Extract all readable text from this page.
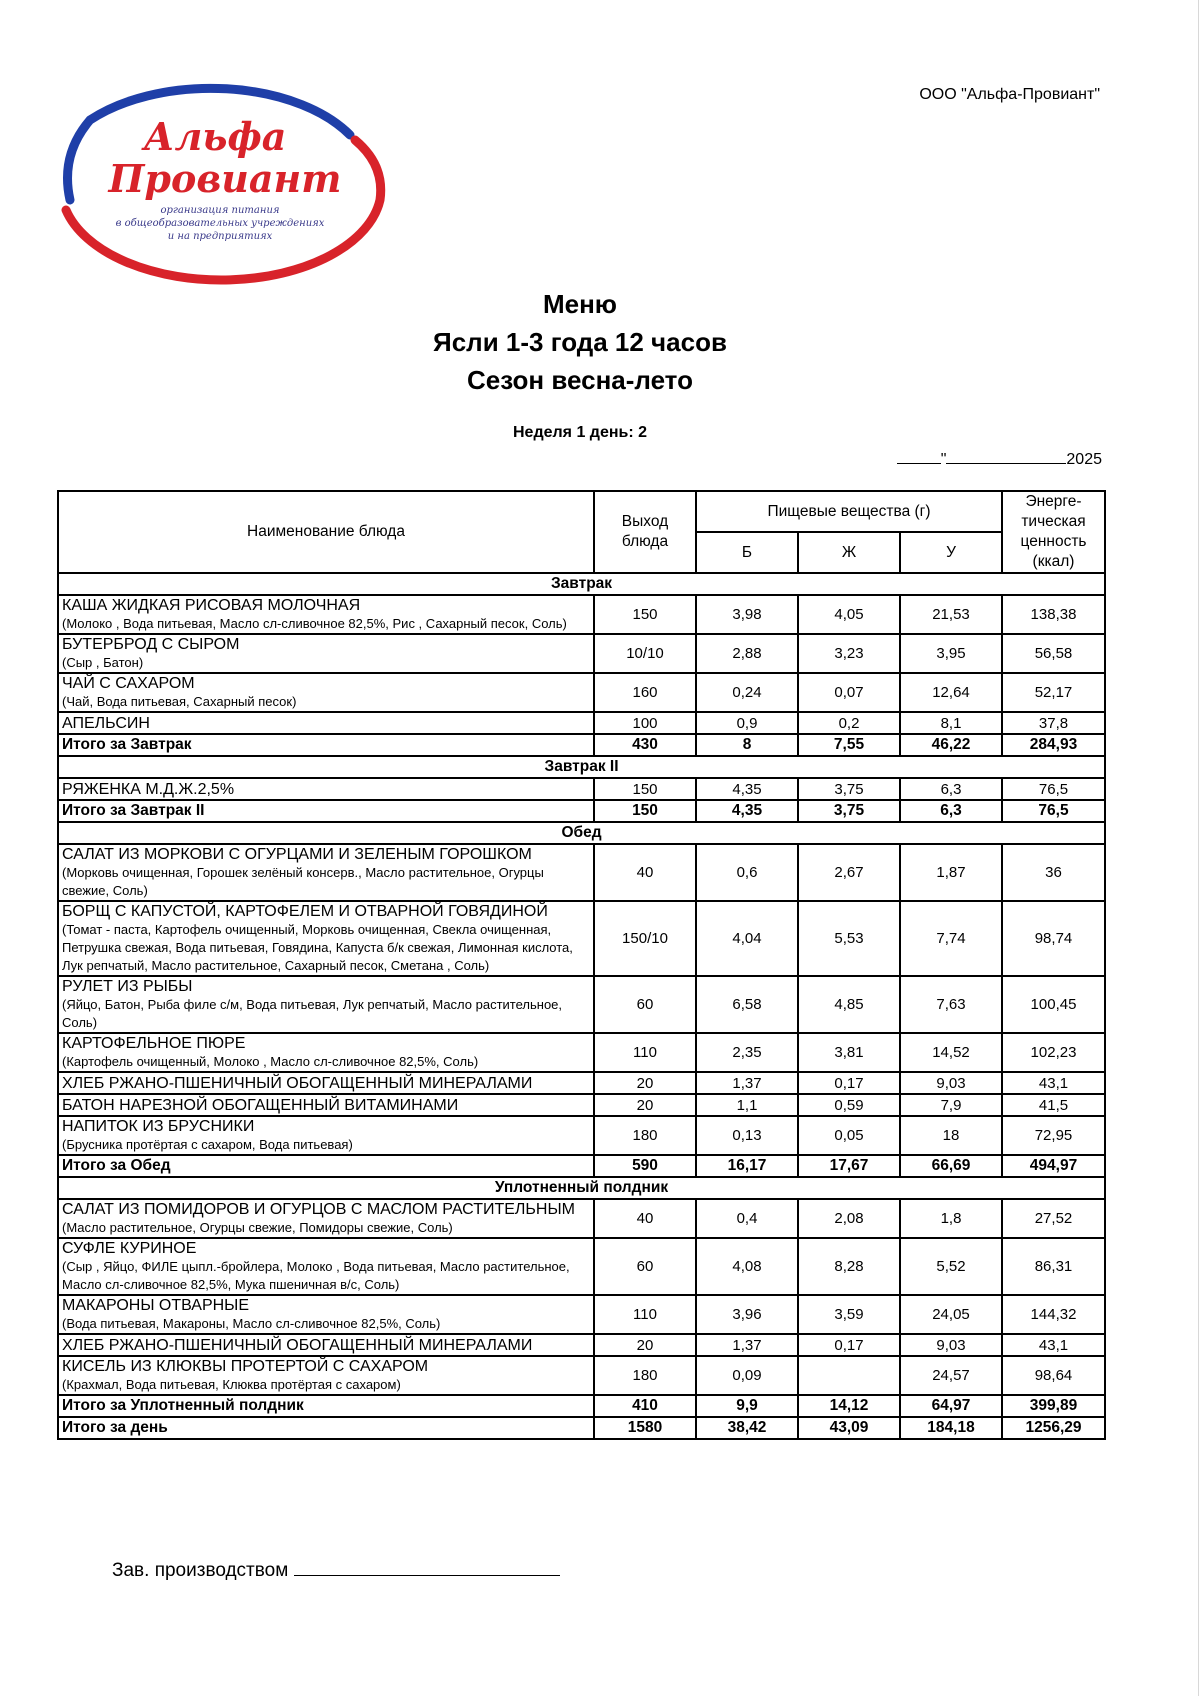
ООО "Альфа-Провиант"
Альфа
Провиант
организация питания
в общеобразовательных учреждениях
и на предприятиях
Меню
Ясли 1-3 года 12 часов
Сезон весна-лето
Неделя 1 день: 2
"	2025
Наименование блюда	Выход блюда	Пищевые вещества (г)			Энерге-тическая ценность (ккал)
		Б	Ж	У	
Завтрак					

КАША ЖИДКАЯ РИСОВАЯ МОЛОЧНАЯ
(Молоко , Вода питьевая, Масло сл-сливочное 82,5%, Рис , Сахарный песок, Соль)	150	3,98	4,05	21,53	138,38

БУТЕРБРОД С СЫРОМ
(Сыр , Батон)	10/10	2,88	3,23	3,95	56,58

ЧАЙ С САХАРОМ
(Чай, Вода питьевая, Сахарный песок)	160	0,24	0,07	12,64	52,17

АПЕЛЬСИН	100	0,9	0,2	8,1	37,8
Итого за Завтрак	430	8	7,55	46,22	284,93
Завтрак II					

РЯЖЕНКА М.Д.Ж.2,5%	150	4,35	3,75	6,3	76,5
Итого за Завтрак II	150	4,35	3,75	6,3	76,5
Обед					

САЛАТ ИЗ МОРКОВИ С ОГУРЦАМИ И ЗЕЛЕНЫМ ГОРОШКОМ
(Морковь очищенная, Горошек зелёный консерв., Масло растительное, Огурцы свежие, Соль)	40	0,6	2,67	1,87	36

БОРЩ С КАПУСТОЙ, КАРТОФЕЛЕМ И ОТВАРНОЙ ГОВЯДИНОЙ
(Томат - паста, Картофель очищенный, Морковь очищенная, Свекла очищенная, Петрушка свежая, Вода питьевая, Говядина, Капуста б/к свежая, Лимонная кислота, Лук репчатый, Масло растительное, Сахарный песок, Сметана , Соль)	150/10	4,04	5,53	7,74	98,74

РУЛЕТ ИЗ РЫБЫ
(Яйцо, Батон, Рыба филе с/м, Вода питьевая, Лук репчатый, Масло растительное, Соль)	60	6,58	4,85	7,63	100,45

КАРТОФЕЛЬНОЕ ПЮРЕ
(Картофель очищенный, Молоко , Масло сл-сливочное 82,5%, Соль)	110	2,35	3,81	14,52	102,23

ХЛЕБ РЖАНО-ПШЕНИЧНЫЙ ОБОГАЩЕННЫЙ МИНЕРАЛАМИ	20	1,37	0,17	9,03	43,1

БАТОН НАРЕЗНОЙ ОБОГАЩЕННЫЙ ВИТАМИНАМИ	20	1,1	0,59	7,9	41,5

НАПИТОК ИЗ БРУСНИКИ
(Брусника протёртая с сахаром, Вода питьевая)	180	0,13	0,05	18	72,95
Итого за Обед	590	16,17	17,67	66,69	494,97
Уплотненный полдник					

САЛАТ ИЗ ПОМИДОРОВ И ОГУРЦОВ С МАСЛОМ РАСТИТЕЛЬНЫМ
(Масло растительное, Огурцы свежие, Помидоры свежие, Соль)	40	0,4	2,08	1,8	27,52

СУФЛЕ КУРИНОЕ
(Сыр , Яйцо, ФИЛЕ цыпл.-бройлера, Молоко , Вода питьевая, Масло растительное, Масло сл-сливочное 82,5%, Мука пшеничная в/с, Соль)	60	4,08	8,28	5,52	86,31

МАКАРОНЫ ОТВАРНЫЕ
(Вода питьевая, Макароны, Масло сл-сливочное 82,5%, Соль)	110	3,96	3,59	24,05	144,32

ХЛЕБ РЖАНО-ПШЕНИЧНЫЙ ОБОГАЩЕННЫЙ МИНЕРАЛАМИ	20	1,37	0,17	9,03	43,1

КИСЕЛЬ ИЗ КЛЮКВЫ ПРОТЕРТОЙ С САХАРОМ
(Крахмал, Вода питьевая, Клюква протёртая с сахаром)	180	0,09		24,57	98,64
Итого за Уплотненный полдник	410	9,9	14,12	64,97	399,89
Итого за день	1580	38,42	43,09	184,18	1256,29
Зав. производством
